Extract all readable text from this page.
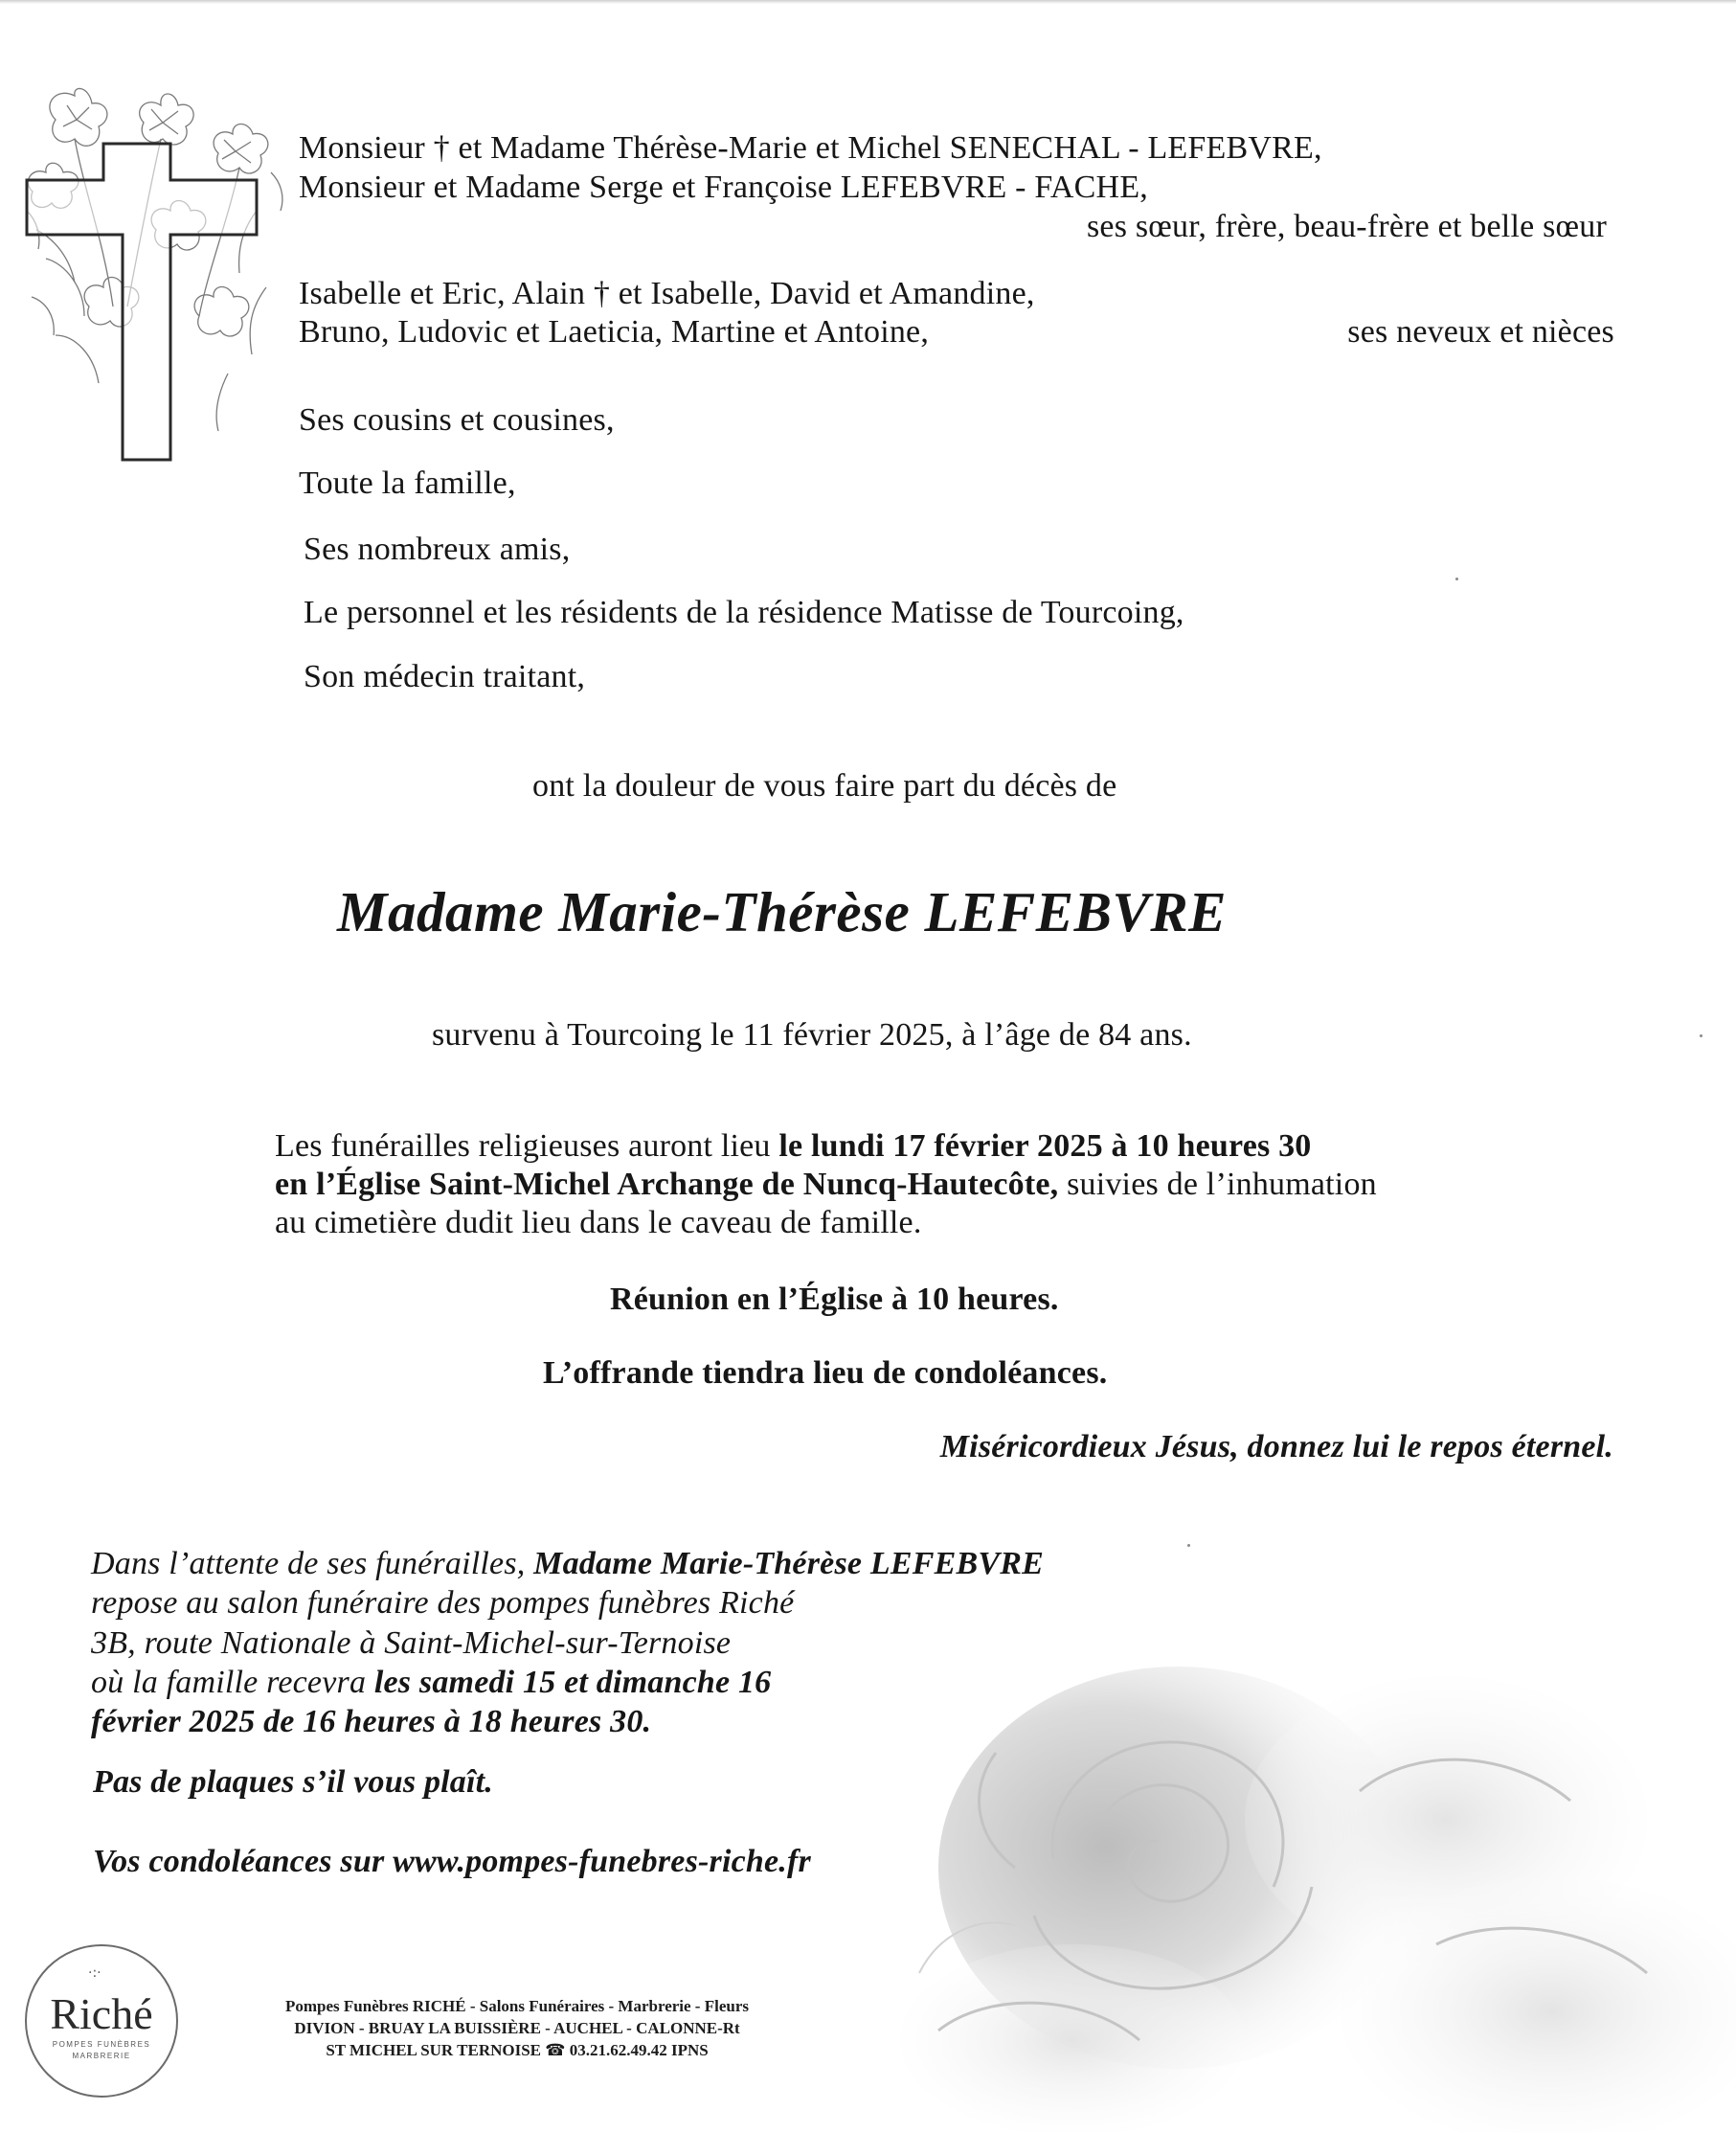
Monsieur † et Madame Thérèse-Marie et Michel SENECHAL - LEFEBVRE,
Monsieur et Madame Serge et Françoise LEFEBVRE - FACHE,
ses sœur, frère, beau-frère et belle sœur
Isabelle et Eric, Alain † et Isabelle, David et Amandine,
Bruno, Ludovic et Laeticia, Martine et Antoine,	ses neveux et nièces
Ses cousins et cousines,
Toute la famille,
Ses nombreux amis,
Le personnel et les résidents de la résidence Matisse de Tourcoing,
Son médecin traitant,
ont la douleur de vous faire part du décès de
Madame Marie-Thérèse LEFEBVRE
survenu à Tourcoing le 11 février 2025, à l’âge de 84 ans.
Les funérailles religieuses auront lieu le lundi 17 février 2025 à 10 heures 30
en l’Église Saint-Michel Archange de Nuncq-Hautecôte, suivies de l’inhumation
au cimetière dudit lieu dans le caveau de famille.
Réunion en l’Église à 10 heures.
L’offrande tiendra lieu de condoléances.
Miséricordieux Jésus, donnez lui le repos éternel.
Dans l’attente de ses funérailles, Madame Marie-Thérèse LEFEBVRE
repose au salon funéraire des pompes funèbres Riché
3B, route Nationale à Saint-Michel-sur-Ternoise
où la famille recevra les samedi 15 et dimanche 16
février 2025 de 16 heures à 18 heures 30.
Pas de plaques s’il vous plaît.
Vos condoléances sur www.pompes-funebres-riche.fr
·:·
Riché
POMPES FUNÈBRES
MARBRERIE
Pompes Funèbres RICHÉ - Salons Funéraires - Marbrerie - Fleurs
DIVION - BRUAY LA BUISSIÈRE - AUCHEL - CALONNE-Rt
ST MICHEL SUR TERNOISE ☎ 03.21.62.49.42 IPNS
